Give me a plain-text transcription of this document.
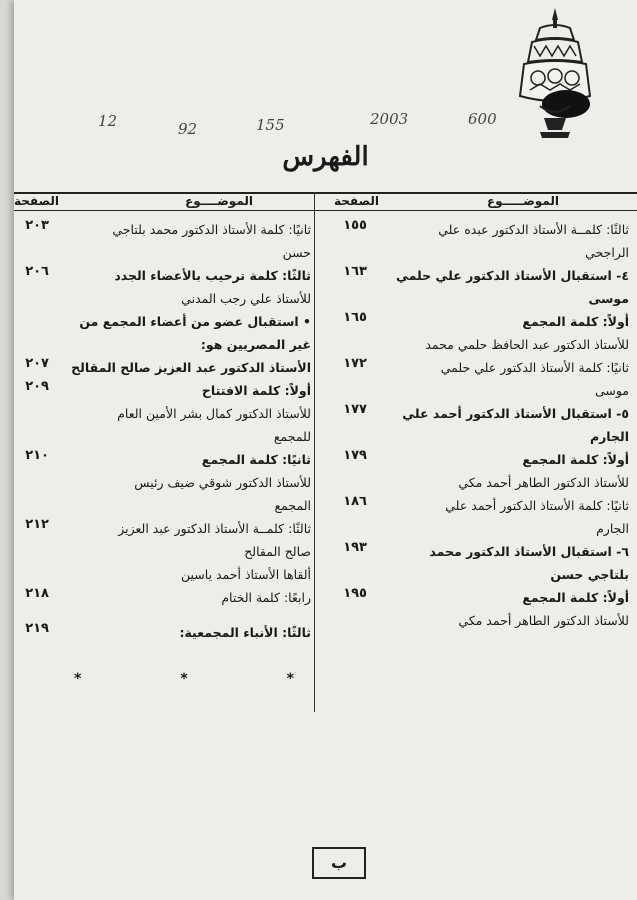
12	92	155	2003	600
الفهرس
الموضـــــوع
الصفحة
الموضــــوع
الصفحة
١٥٥	ثالثًا: كلمــة الأستاذ الدكتور عبده علي
الراجحي
١٦٣	٤- استقبال الأستاذ الدكتور علي حلمي
موسى
١٦٥	أولاً: كلمة المجمع
للأستاذ الدكتور عبد الحافظ حلمي محمد
١٧٢	ثانيًا: كلمة الأستاذ الدكتور علي حلمي
موسى
١٧٧	٥- استقبال الأستاذ الدكتور أحمد علي
الجارم
١٧٩	أولاً: كلمة المجمع
للأستاذ الدكتور الطاهر أحمد مكي
١٨٦	ثانيًا: كلمة الأستاذ الدكتور أحمد علي
الجارم
١٩٣	٦- استقبال الأستاذ الدكتور محمد
بلتاجي حسن
١٩٥	أولاً: كلمة المجمع
للأستاذ الدكتور الطاهر أحمد مكي
٢٠٣	ثانيًا: كلمة الأستاذ الدكتور محمد بلتاجي
حسن
٢٠٦	ثالثًا: كلمة ترحيب بالأعضاء الجدد
للأستاذ علي رجب المدني
• استقبال عضو من أعضاء المجمع من
غير المصريين هو:
٢٠٧ الأستاذ الدكتور عبد العزيز صالح المقالح
٢٠٩	أولاً: كلمة الافتتاح
للأستاذ الدكتور كمال بشر الأمين العام
للمجمع
٢١٠	ثانيًا: كلمة المجمع
للأستاذ الدكتور شوقي ضيف رئيس
المجمع
٢١٢	ثالثًا: كلمــة الأستاذ الدكتور عبد العزيز
صالح المقالح
ألقاها الأستاذ أحمد ياسين
٢١٨	رابعًا: كلمة الختام
٢١٩	ثالثًا: الأنباء المجمعية:
*	*	*
ب
